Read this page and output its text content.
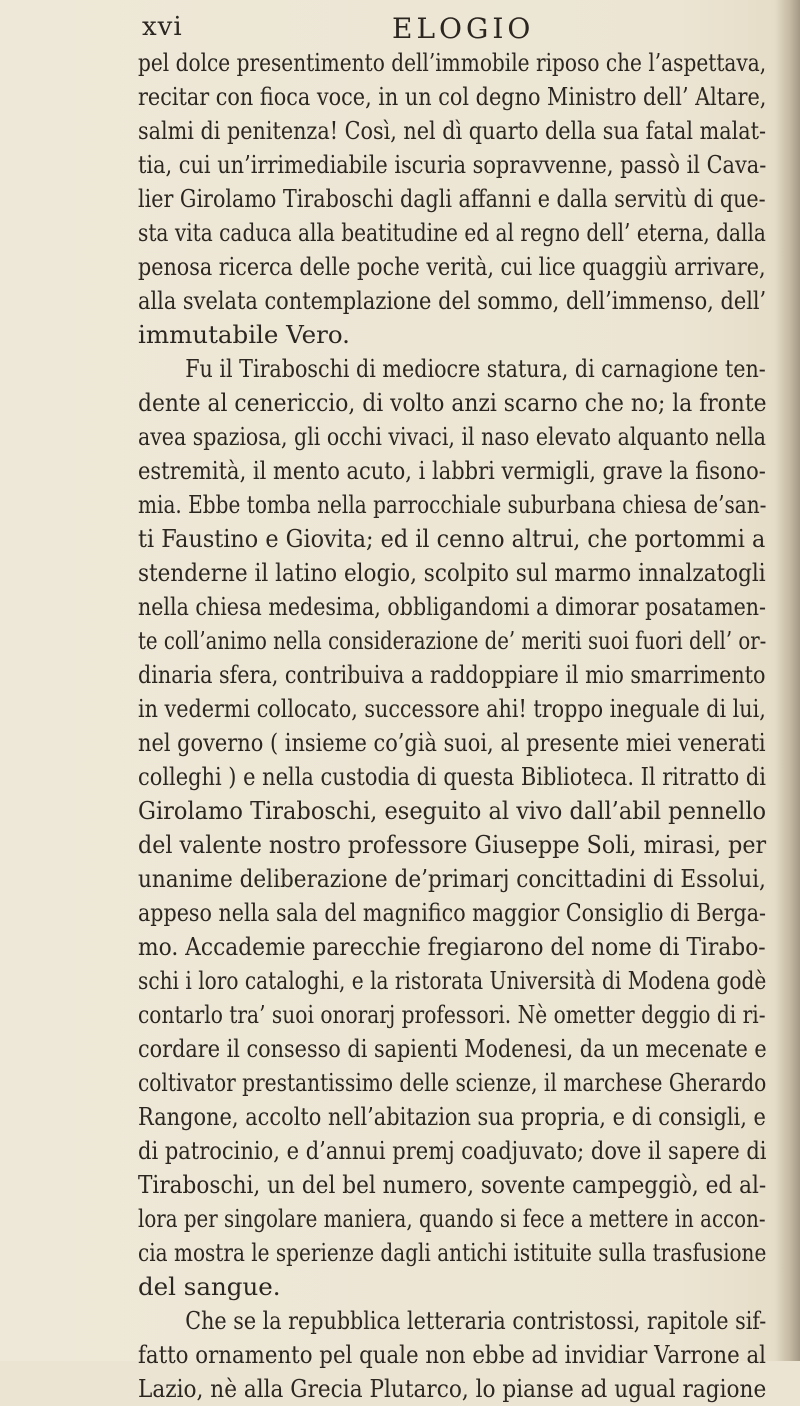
xvi	ELOGIO
pel dolce presentimento dell’immobile riposo che l’aspettava,
recitar con fioca voce, in un col degno Ministro dell’ Altare,
salmi di penitenza! Così, nel dì quarto della sua fatal malat-
tia, cui un’irrimediabile iscuria sopravvenne, passò il Cava-
lier Girolamo Tiraboschi dagli affanni e dalla servitù di que-
sta vita caduca alla beatitudine ed al regno dell’ eterna, dalla
penosa ricerca delle poche verità, cui lice quaggiù arrivare,
alla svelata contemplazione del sommo, dell’immenso, dell’
immutabile Vero.
Fu il Tiraboschi di mediocre statura, di carnagione ten-
dente al cenericcio, di volto anzi scarno che no; la fronte
avea spaziosa, gli occhi vivaci, il naso elevato alquanto nella
estremità, il mento acuto, i labbri vermigli, grave la fisono-
mia. Ebbe tomba nella parrocchiale suburbana chiesa de’san-
ti Faustino e Giovita; ed il cenno altrui, che portommi a
stenderne il latino elogio, scolpito sul marmo innalzatogli
nella chiesa medesima, obbligandomi a dimorar posatamen-
te coll’animo nella considerazione de’ meriti suoi fuori dell’ or-
dinaria sfera, contribuiva a raddoppiare il mio smarrimento
in vedermi collocato, successore ahi! troppo ineguale di lui,
nel governo ( insieme co’già suoi, al presente miei venerati
colleghi ) e nella custodia di questa Biblioteca. Il ritratto di
Girolamo Tiraboschi, eseguito al vivo dall’abil pennello
del valente nostro professore Giuseppe Soli, mirasi, per
unanime deliberazione de’primarj concittadini di Essolui,
appeso nella sala del magnifico maggior Consiglio di Berga-
mo. Accademie parecchie fregiarono del nome di Tirabo-
schi i loro cataloghi, e la ristorata Università di Modena godè
contarlo tra’ suoi onorarj professori. Nè ometter deggio di ri-
cordare il consesso di sapienti Modenesi, da un mecenate e
coltivator prestantissimo delle scienze, il marchese Gherardo
Rangone, accolto nell’abitazion sua propria, e di consigli, e
di patrocinio, e d’annui premj coadjuvato; dove il sapere di
Tiraboschi, un del bel numero, sovente campeggiò, ed al-
lora per singolare maniera, quando si fece a mettere in accon-
cia mostra le sperienze dagli antichi istituite sulla trasfusione
del sangue.
Che se la repubblica letteraria contristossi, rapitole sif-
fatto ornamento pel quale non ebbe ad invidiar Varrone al
Lazio, nè alla Grecia Plutarco, lo pianse ad ugual ragione
